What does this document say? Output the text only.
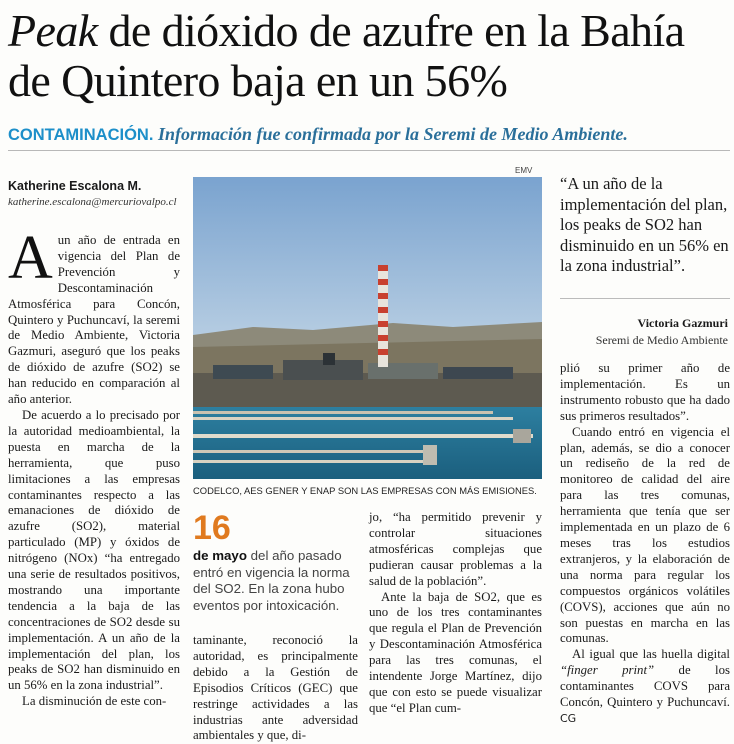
Peak de dióxido de azufre en la Bahía de Quintero baja en un 56%
CONTAMINACIÓN. Información fue confirmada por la Seremi de Medio Ambiente.
Katherine Escalona M.
katherine.escalona@mercuriovalpo.cl

Aun año de entrada en vigencia del Plan de Prevención y Descontaminación Atmosférica para Concón, Quintero y Puchuncaví, la seremi de Medio Ambiente, Victoria Gazmuri, aseguró que los peaks de dióxido de azufre (SO2) se han reducido en comparación al año anterior.

De acuerdo a lo precisado por la autoridad medioambiental, la puesta en marcha de la herramienta, que puso limitaciones a las empresas contaminantes respecto a las emanaciones de dióxido de azufre (SO2), material particulado (MP) y óxidos de nitrógeno (NOx) “ha entregado una serie de resultados positivos, mostrando una importante tendencia a la baja de las concentraciones de SO2 desde su implementación. A un año de la implementación del plan, los peaks de SO2 han disminuido en un 56% en la zona industrial”.

La disminución de este con-

EMV
CODELCO, AES GENER Y ENAP SON LAS EMPRESAS CON MÁS EMISIONES.
“A un año de la implementación del plan, los peaks de SO2 han disminuido en un 56% en la zona industrial”.
Victoria Gazmuri
Seremi de Medio Ambiente
16
de mayo del año pasado entró en vigencia la norma del SO2. En la zona hubo eventos por intoxicación.

taminante, reconoció la autoridad, es principalmente debido a la Gestión de Episodios Críticos (GEC) que restringe actividades a las industrias ante adversidad ambientales y que, di-

jo, “ha permitido prevenir y controlar situaciones atmosféricas complejas que pudieran causar problemas a la salud de la población”.

Ante la baja de SO2, que es uno de los tres contaminantes que regula el Plan de Prevención y Descontaminación Atmosférica para las tres comunas, el intendente Jorge Martínez, dijo que con esto se puede visualizar que “el Plan cum-

plió su primer año de implementación. Es un instrumento robusto que ha dado sus primeros resultados”.

Cuando entró en vigencia el plan, además, se dio a conocer un rediseño de la red de monitoreo de calidad del aire para las tres comunas, herramienta que tenía que ser implementada en un plazo de 6 meses tras los estudios extranjeros, y la elaboración de una norma para regular los compuestos orgánicos volátiles (COVS), acciones que aún no son puestas en marcha en las comunas.

Al igual que las huella digital “finger print” de los contaminantes COVS para Concón, Quintero y Puchuncaví. CG
